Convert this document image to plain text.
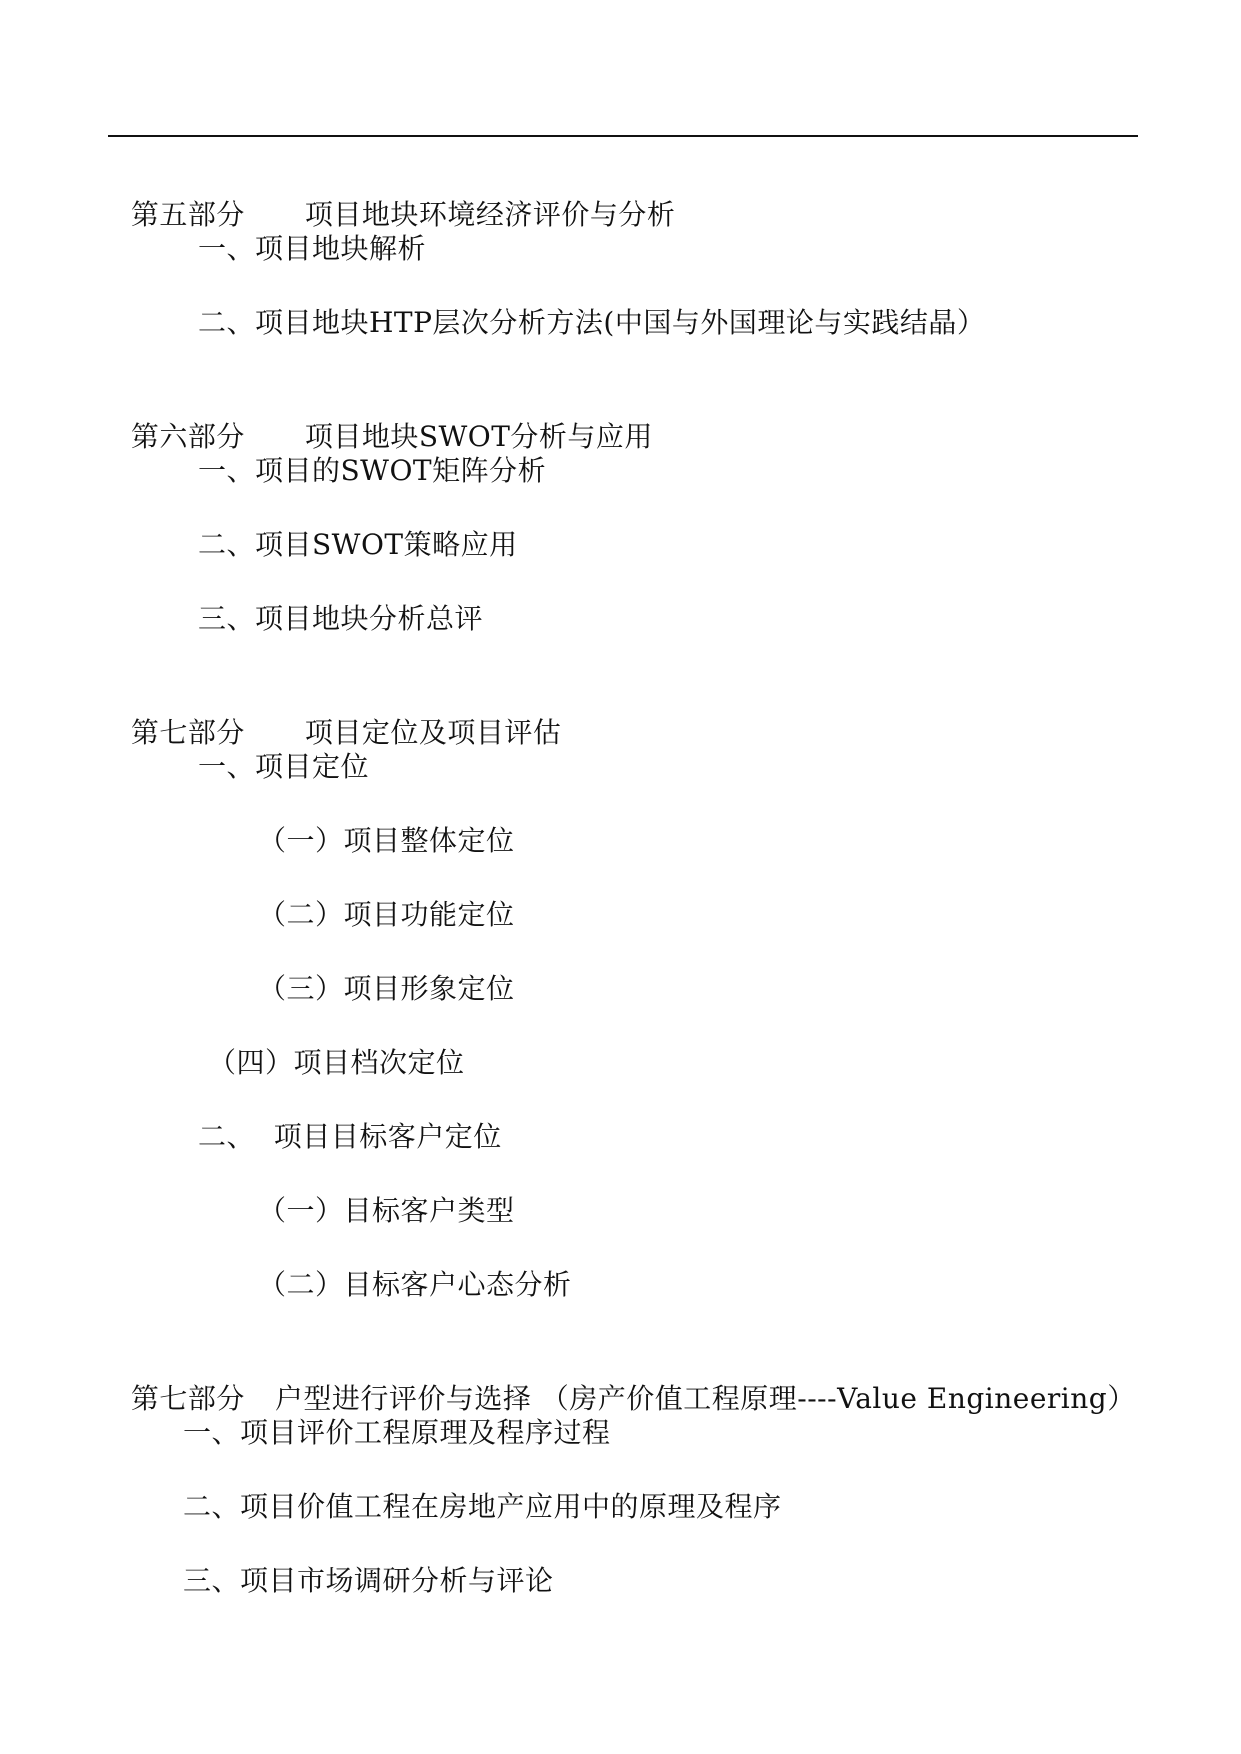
第五部分 项目地块环境经济评价与分析

一、项目地块解析
二、项目地块HTP层次分析方法(中国与外国理论与实践结晶）

第六部分 项目地块SWOT分析与应用

一、项目的SWOT矩阵分析
二、项目SWOT策略应用
三、项目地块分析总评

第七部分 项目定位及项目评估

一、项目定位
（一）项目整体定位
（二）项目功能定位
（三）项目形象定位
（四）项目档次定位
二、  项目目标客户定位
（一）目标客户类型
（二）目标客户心态分析

第七部分 户型进行评价与选择 （房产价值工程原理----Value Engineering）

一、项目评价工程原理及程序过程
二、项目价值工程在房地产应用中的原理及程序
三、项目市场调研分析与评论
